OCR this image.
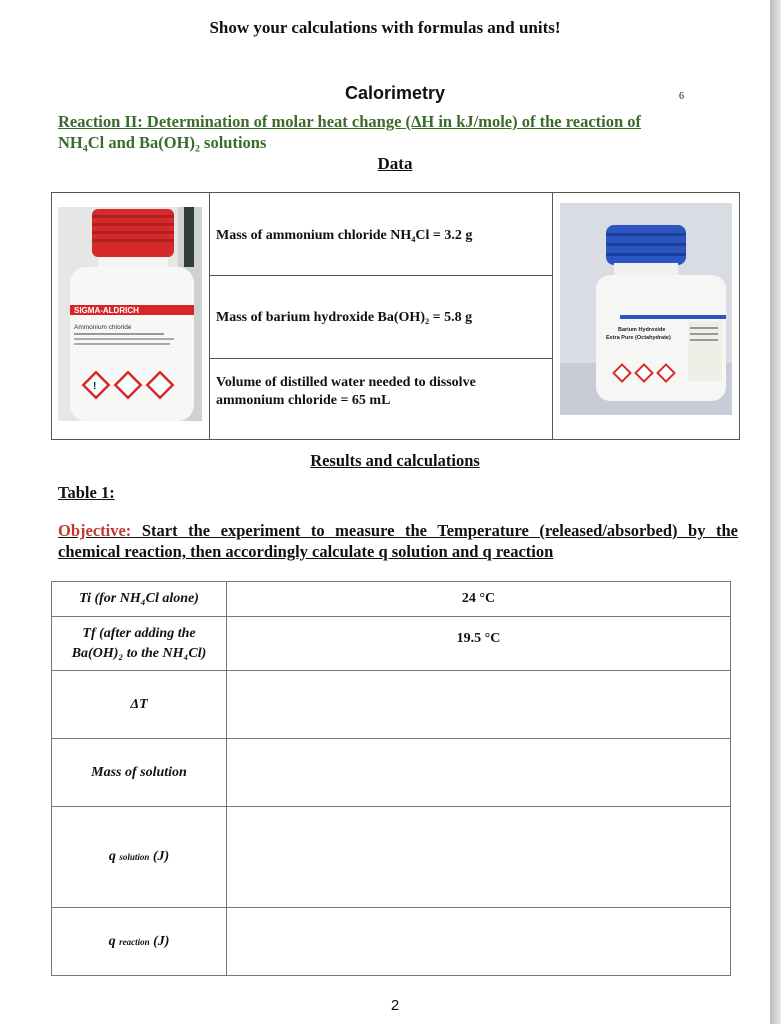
Show your calculations with formulas and units!
Calorimetry	6
Reaction II: Determination of molar heat change (ΔH in kJ/mole) of the reaction of
NH₄Cl and Ba(OH)₂ solutions
Data
SIGMA-ALDRICH
Ammonium chloride
!
Mass of ammonium chloride NH₄Cl = 3.2 g
Mass of barium hydroxide Ba(OH)₂ = 5.8 g
Volume of distilled water needed to dissolve ammonium chloride = 65 mL
Barium Hydroxide
Extra Pure (Octahydrate)
Results and calculations
Table 1:
Objective: Start the experiment to measure the Temperature (released/absorbed) by the chemical reaction, then accordingly calculate q solution and q reaction
Ti (for NH₄Cl alone)	24 °C

Tf (after adding the
Ba(OH)₂ to the NH₄Cl)	19.5 °C
ΔT	
Mass of solution	
q solution (J)	
q reaction (J)	
2
